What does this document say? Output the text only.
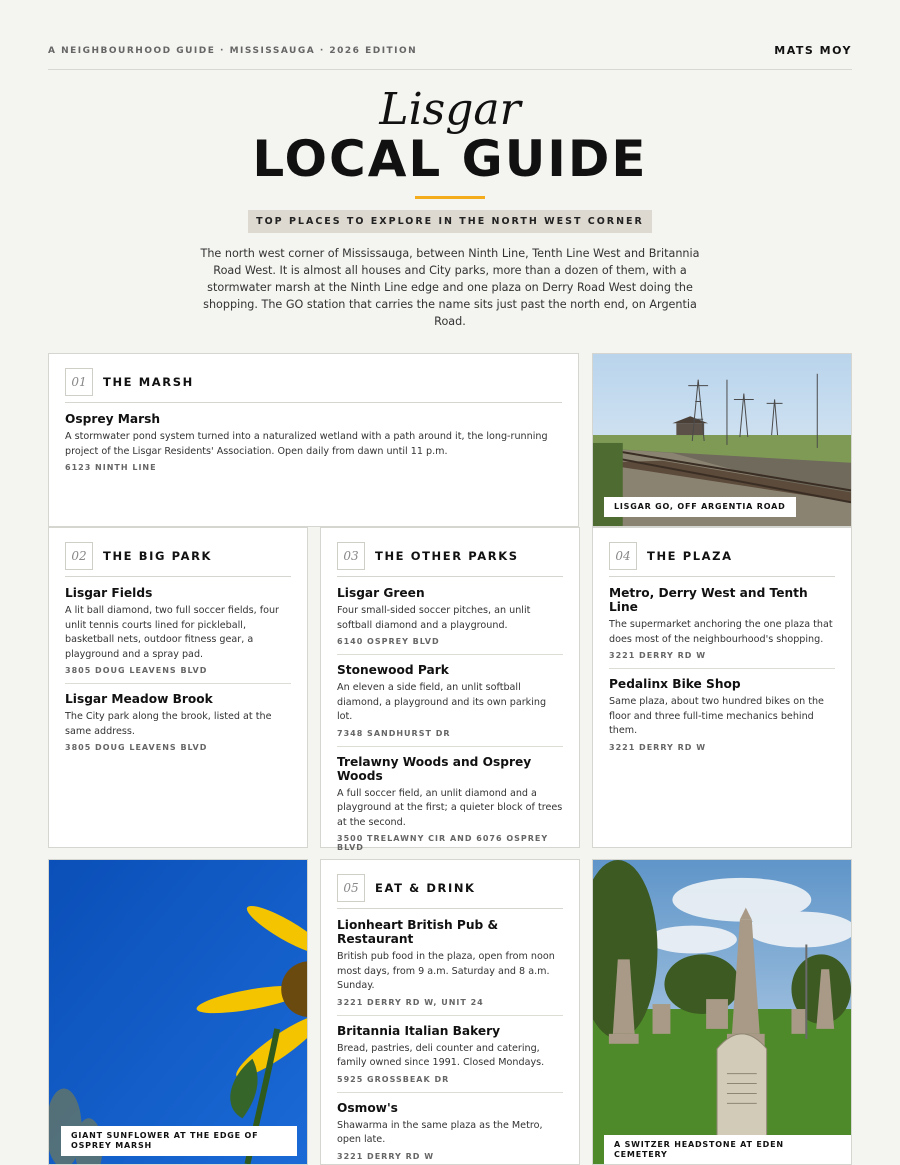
A NEIGHBOURHOOD GUIDE · MISSISSAUGA · 2026 EDITION	MATS MOY
Lisgar
LOCAL GUIDE
TOP PLACES TO EXPLORE IN THE NORTH WEST CORNER
The north west corner of Mississauga, between Ninth Line, Tenth Line West and Britannia Road West. It is almost all houses and City parks, more than a dozen of them, with a stormwater marsh at the Ninth Line edge and one plaza on Derry Road West doing the shopping. The GO station that carries the name sits just past the north end, on Argentia Road.
01	THE MARSH
Osprey Marsh

A stormwater pond system turned into a naturalized wetland with a path around it, the long-running project of the Lisgar Residents' Association. Open daily from dawn until 11 p.m.

6123 NINTH LINE
LISGAR GO, OFF ARGENTIA ROAD
02	THE BIG PARK
Lisgar Fields

A lit ball diamond, two full soccer fields, four unlit tennis courts lined for pickleball, basketball nets, outdoor fitness gear, a playground and a spray pad.

3805 DOUG LEAVENS BLVD
Lisgar Meadow Brook

The City park along the brook, listed at the same address.

3805 DOUG LEAVENS BLVD
03	THE OTHER PARKS
Lisgar Green

Four small-sided soccer pitches, an unlit softball diamond and a playground.

6140 OSPREY BLVD
Stonewood Park

An eleven a side field, an unlit softball diamond, a playground and its own parking lot.

7348 SANDHURST DR
Trelawny Woods and Osprey Woods

A full soccer field, an unlit diamond and a playground at the first; a quieter block of trees at the second.

3500 TRELAWNY CIR AND 6076 OSPREY BLVD
04	THE PLAZA
Metro, Derry West and Tenth Line

The supermarket anchoring the one plaza that does most of the neighbourhood's shopping.

3221 DERRY RD W
Pedalinx Bike Shop

Same plaza, about two hundred bikes on the floor and three full-time mechanics behind them.

3221 DERRY RD W
GIANT SUNFLOWER AT THE EDGE OF OSPREY MARSH
05	EAT & DRINK
Lionheart British Pub & Restaurant

British pub food in the plaza, open from noon most days, from 9 a.m. Saturday and 8 a.m. Sunday.

3221 DERRY RD W, UNIT 24
Britannia Italian Bakery

Bread, pastries, deli counter and catering, family owned since 1991. Closed Mondays.

5925 GROSSBEAK DR
Osmow's

Shawarma in the same plaza as the Metro, open late.

3221 DERRY RD W
A SWITZER HEADSTONE AT EDEN CEMETERY
